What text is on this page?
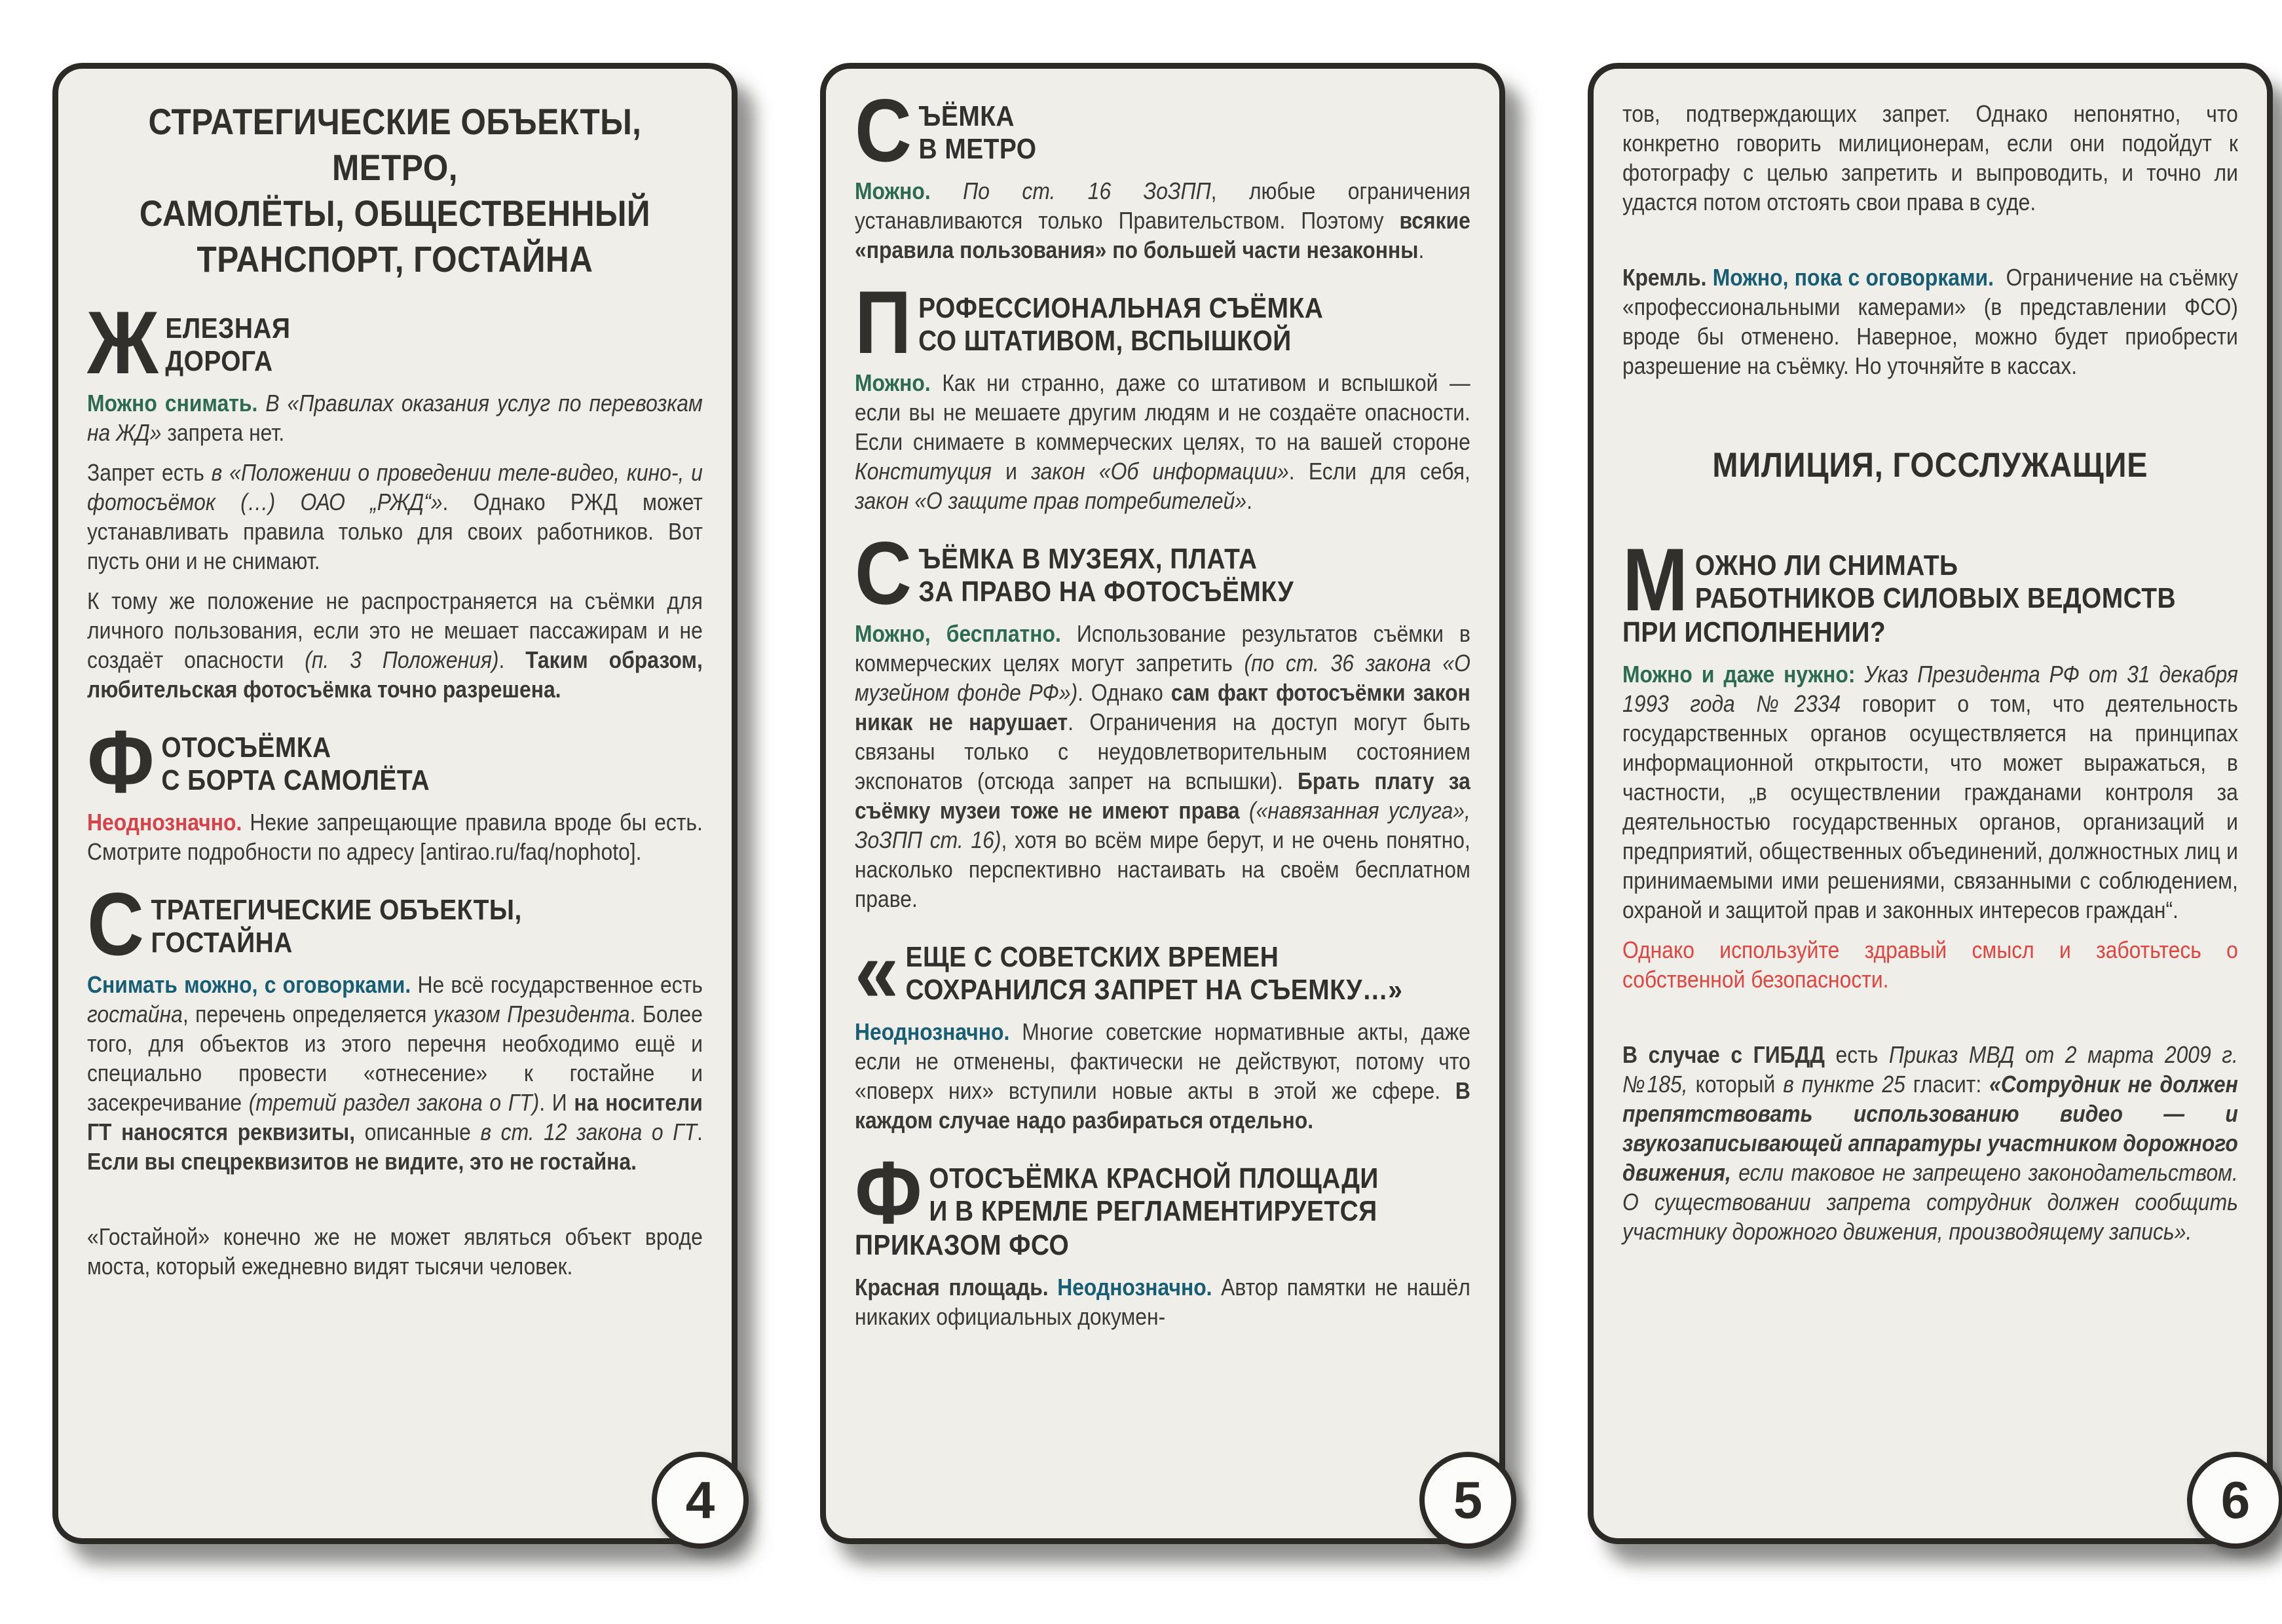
СТРАТЕГИЧЕСКИЕ ОБЪЕКТЫ, МЕТРО,
САМОЛЁТЫ, ОБЩЕСТВЕННЫЙ
ТРАНСПОРТ, ГОСТАЙНА
Ж ЕЛЕЗНАЯ
ДОРОГА

Можно снимать. В «Правилах оказания услуг по перевозкам на ЖД» запрета нет.

Запрет есть в «Положении о проведении теле-видео, кино-, и фотосъёмок (…) ОАО „РЖД“». Однако РЖД может устанавливать правила только для своих работников. Вот пусть они и не снимают.

К тому же положение не распространяется на съёмки для личного пользования, если это не мешает пассажирам и не создаёт опасности (п. 3 Положения). Таким образом, любительская фотосъёмка точно разрешена.

Ф ОТОСЪЁМКА
С БОРТА САМОЛЁТА

Неоднозначно. Некие запрещающие правила вроде бы есть. Смотрите подробности по адресу [antirao.ru/faq/nophoto].

С ТРАТЕГИЧЕСКИЕ ОБЪЕКТЫ,
ГОСТАЙНА

Снимать можно, с оговорками. Не всё государственное есть гостайна, перечень определяется указом Президента. Более того, для объектов из этого перечня необходимо ещё и специально провести «отнесение» к гостайне и засекречивание (третий раздел закона о ГТ). И на носители ГТ наносятся реквизиты, описанные в ст. 12 закона о ГТ. Если вы спецреквизитов не видите, это не гостайна.

«Гостайной» конечно же не может являться объект вроде моста, который ежедневно видят тысячи человек.

4
С ЪЁМКА
В МЕТРО

Можно. По ст. 16 ЗоЗПП, любые ограничения устанавливаются только Правительством. Поэтому всякие «правила пользования» по большей части незаконны.

П РОФЕССИОНАЛЬНАЯ СЪЁМКА
СО ШТАТИВОМ, ВСПЫШКОЙ

Можно. Как ни странно, даже со штативом и вспышкой — если вы не мешаете другим людям и не создаёте опасности. Если снимаете в коммерческих целях, то на вашей стороне Конституция и закон «Об информации». Если для себя, закон «О защите прав потребителей».

С ЪЁМКА В МУЗЕЯХ, ПЛАТА
ЗА ПРАВО НА ФОТОСЪЁМКУ

Можно, бесплатно. Использование результатов съёмки в коммерческих целях могут запретить (по ст. 36 закона «О музейном фонде РФ»). Однако сам факт фотосъёмки закон никак не нарушает. Ограничения на доступ могут быть связаны только с неудовлетворительным состоянием экспонатов (отсюда запрет на вспышки). Брать плату за съёмку музеи тоже не имеют права («навязанная услуга», ЗоЗПП ст. 16), хотя во всём мире берут, и не очень понятно, насколько перспективно настаивать на своём бесплатном праве.

« ЕЩЕ С СОВЕТСКИХ ВРЕМЕН
СОХРАНИЛСЯ ЗАПРЕТ НА СЪЕМКУ…»

Неоднозначно. Многие советские нормативные акты, даже если не отменены, фактически не действуют, потому что «поверх них» вступили новые акты в этой же сфере. В каждом случае надо разбираться отдельно.

Ф ОТОСЪЁМКА КРАСНОЙ ПЛОЩАДИ
И В КРЕМЛЕ РЕГЛАМЕНТИРУЕТСЯ
ПРИКАЗОМ ФСО

Красная площадь. Неоднозначно. Автор памятки не нашёл никаких официальных докумен-

5

тов, подтверждающих запрет. Однако непонятно, что конкретно говорить милиционерам, если они подойдут к фотографу с целью запретить и выпроводить, и точно ли удастся потом отстоять свои права в суде.

Кремль. Можно, пока с оговорками.  Ограничение на съёмку «профессиональными камерами» (в представлении ФСО) вроде бы отменено. Наверное, можно будет приобрести разрешение на съёмку. Но уточняйте в кассах.

МИЛИЦИЯ, ГОССЛУЖАЩИЕ
М ОЖНО ЛИ СНИМАТЬ
РАБОТНИКОВ СИЛОВЫХ ВЕДОМСТВ
ПРИ ИСПОЛНЕНИИ?

Можно и даже нужно: Указ Президента РФ от 31 декабря 1993 года №2334 говорит о том, что деятельность государственных органов осуществляется на принципах информационной открытости, что может выражаться, в частности, „в осуществлении гражданами контроля за деятельностью государственных органов, организаций и предприятий, общественных объединений, должностных лиц и принимаемыми ими решениями, связанными с соблюдением, охраной и защитой прав и законных интересов граждан“.

Однако используйте здравый смысл и заботьтесь о собственной безопасности.

В случае с ГИБДД есть Приказ МВД от 2 марта 2009 г. №185, который в пункте 25 гласит: «Сотрудник не должен препятствовать использованию видео — и звукозаписывающей аппаратуры участником дорожного движения, если таковое не запрещено законодательством. О существовании запрета сотрудник должен сообщить участнику дорожного движения, производящему запись».

6
